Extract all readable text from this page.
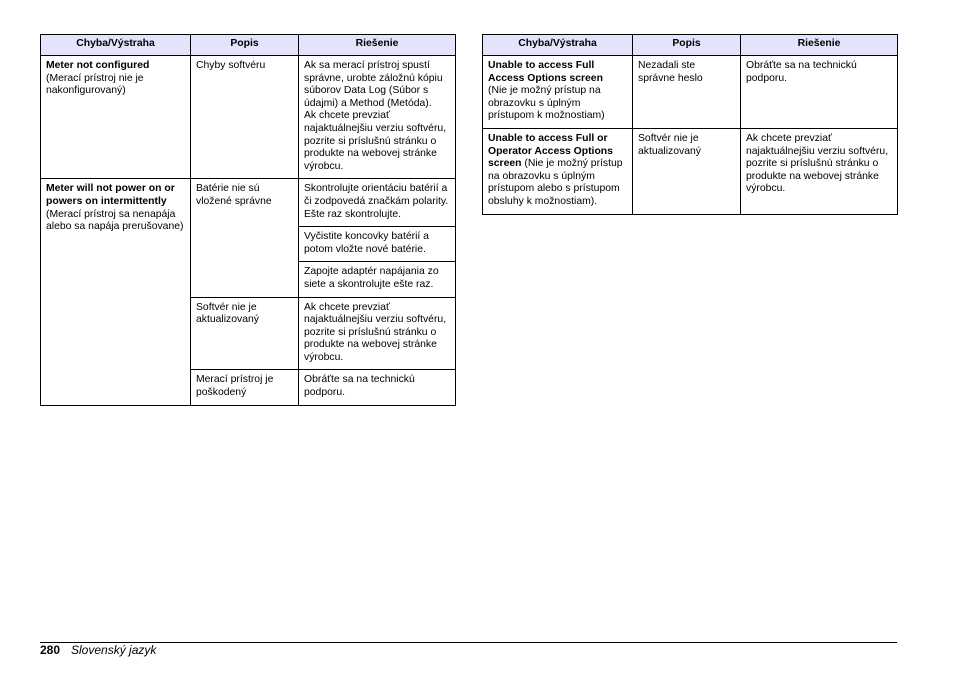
Chyba/Výstraha	Popis	Riešenie

Meter not configured
(Merací prístroj nie je nakonfigurovaný)	Chyby softvéru	Ak sa merací prístroj spustí správne, urobte záložnú kópiu súborov Data Log (Súbor s údajmi) a Method (Metóda).
Ak chcete prevziať najaktuálnejšiu verziu softvéru, pozrite si príslušnú stránku o produkte na webovej stránke výrobcu.

Meter will not power on or powers on intermittently
(Merací prístroj sa nenapája alebo sa napája prerušovane)	Batérie nie sú vložené správne	Skontrolujte orientáciu batérií a či zodpovedá značkám polarity. Ešte raz skontrolujte.
		Vyčistite koncovky batérií a potom vložte nové batérie.
		Zapojte adaptér napájania zo siete a skontrolujte ešte raz.
	Softvér nie je aktualizovaný	Ak chcete prevziať najaktuálnejšiu verziu softvéru, pozrite si príslušnú stránku o produkte na webovej stránke výrobcu.
	Merací prístroj je poškodený	Obráťte sa na technickú podporu.
Chyba/Výstraha	Popis	Riešenie

Unable to access Full Access Options screen
(Nie je možný prístup na obrazovku s úplným prístupom k možnostiam)	Nezadali ste správne heslo	Obráťte sa na technickú podporu.
Unable to access Full or Operator Access Options screen (Nie je možný prístup na obrazovku s úplným prístupom alebo s prístupom obsluhy k možnostiam).	Softvér nie je aktualizovaný	Ak chcete prevziať najaktuálnejšiu verziu softvéru, pozrite si príslušnú stránku o produkte na webovej stránke výrobcu.
280 Slovenský jazyk
